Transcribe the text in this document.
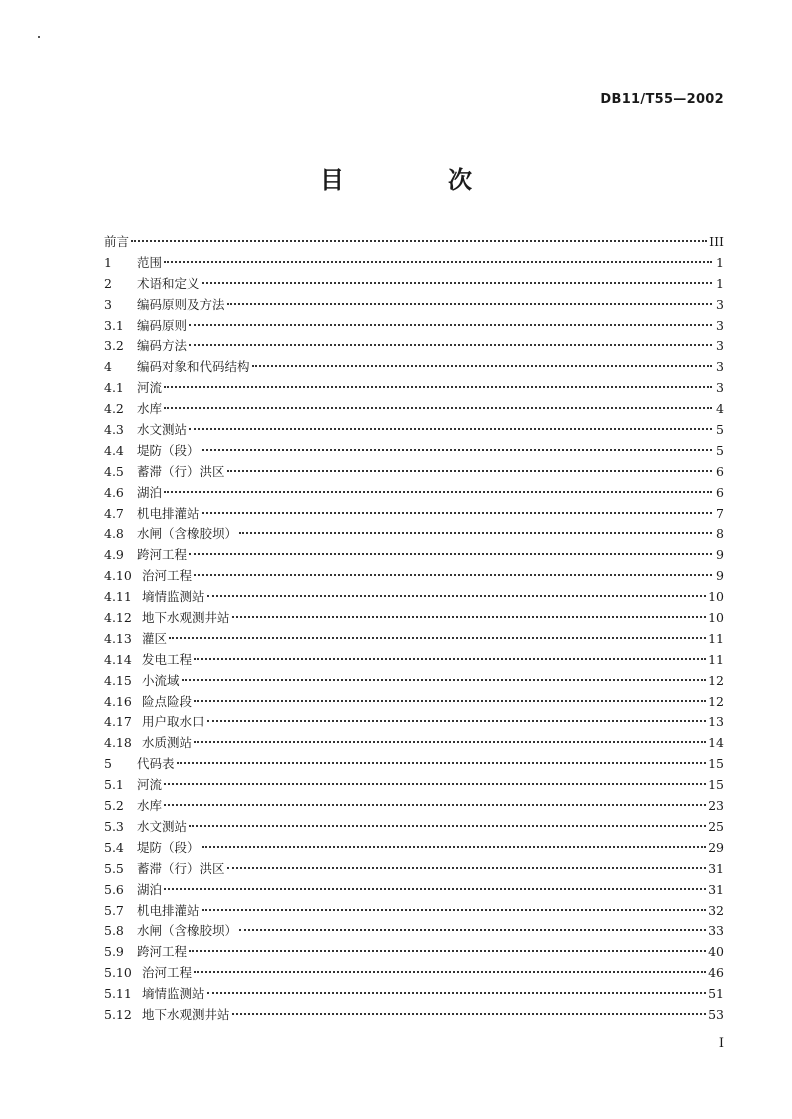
DB11/T55—2002
目　次
前言	III
1	范围	1
2	术语和定义	1
3	编码原则及方法	3
3.1	编码原则	3
3.2	编码方法	3
4	编码对象和代码结构	3
4.1	河流	3
4.2	水库	4
4.3	水文测站	5
4.4	堤防（段）	5
4.5	蓄滞（行）洪区	6
4.6	湖泊	6
4.7	机电排灌站	7
4.8	水闸（含橡胶坝）	8
4.9	跨河工程	9
4.10 治河工程	9
4.11 墒情监测站	10
4.12 地下水观测井站	10
4.13 灌区	11
4.14 发电工程	11
4.15 小流域	12
4.16 险点险段	12
4.17 用户取水口	13
4.18 水质测站	14
5	代码表	15
5.1	河流	15
5.2	水库	23
5.3	水文测站	25
5.4	堤防（段）	29
5.5	蓄滞（行）洪区	31
5.6	湖泊	31
5.7	机电排灌站	32
5.8	水闸（含橡胶坝）	33
5.9	跨河工程	40
5.10 治河工程	46
5.11 墒情监测站	51
5.12 地下水观测井站	53
I
